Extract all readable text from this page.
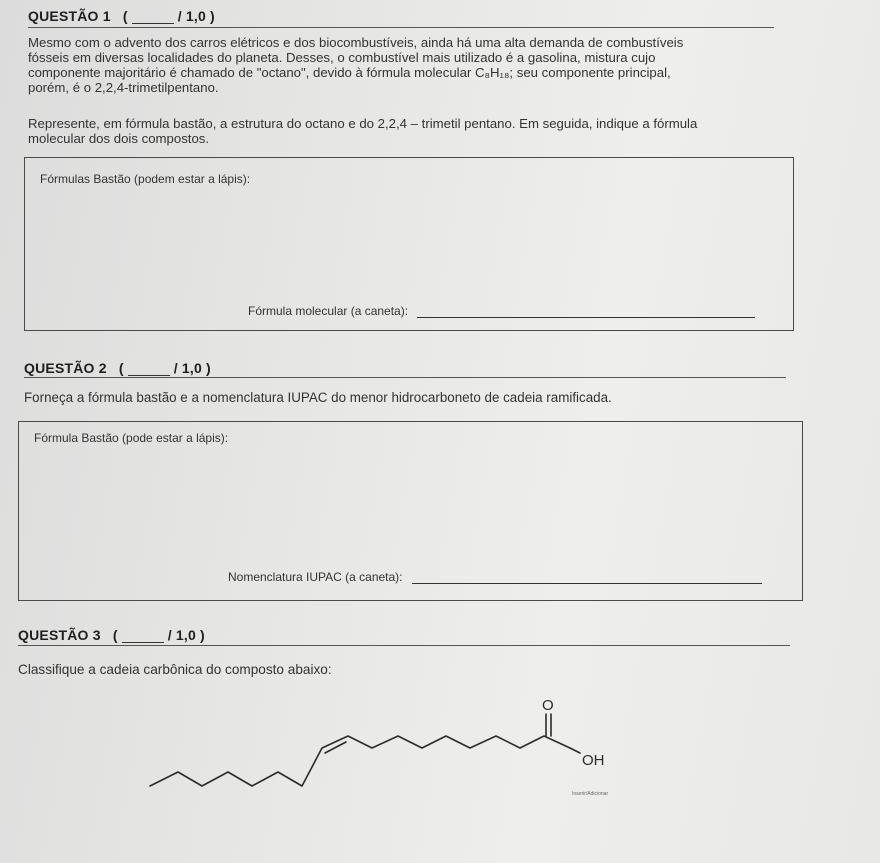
QUESTÃO 1 (	/ 1,0 )
Mesmo com o advento dos carros elétricos e dos biocombustíveis, ainda há uma alta demanda de combustíveis
fósseis em diversas localidades do planeta. Desses, o combustível mais utilizado é a gasolina, mistura cujo
componente majoritário é chamado de "octano", devido à fórmula molecular C₈H₁₈; seu componente principal,
porém, é o 2,2,4-trimetilpentano.
Represente, em fórmula bastão, a estrutura do octano e do 2,2,4 – trimetil pentano. Em seguida, indique a fórmula
molecular dos dois compostos.
Fórmulas Bastão (podem estar a lápis):
Fórmula molecular (a caneta):
QUESTÃO 2 (	/ 1,0 )
Forneça a fórmula bastão e a nomenclatura IUPAC do menor hidrocarboneto de cadeia ramificada.
Fórmula Bastão (pode estar a lápis):
Nomenclatura IUPAC (a caneta):
QUESTÃO 3 (	/ 1,0 )
Classifique a cadeia carbônica do composto abaixo:
O
OH
Inserir/Adicionar
